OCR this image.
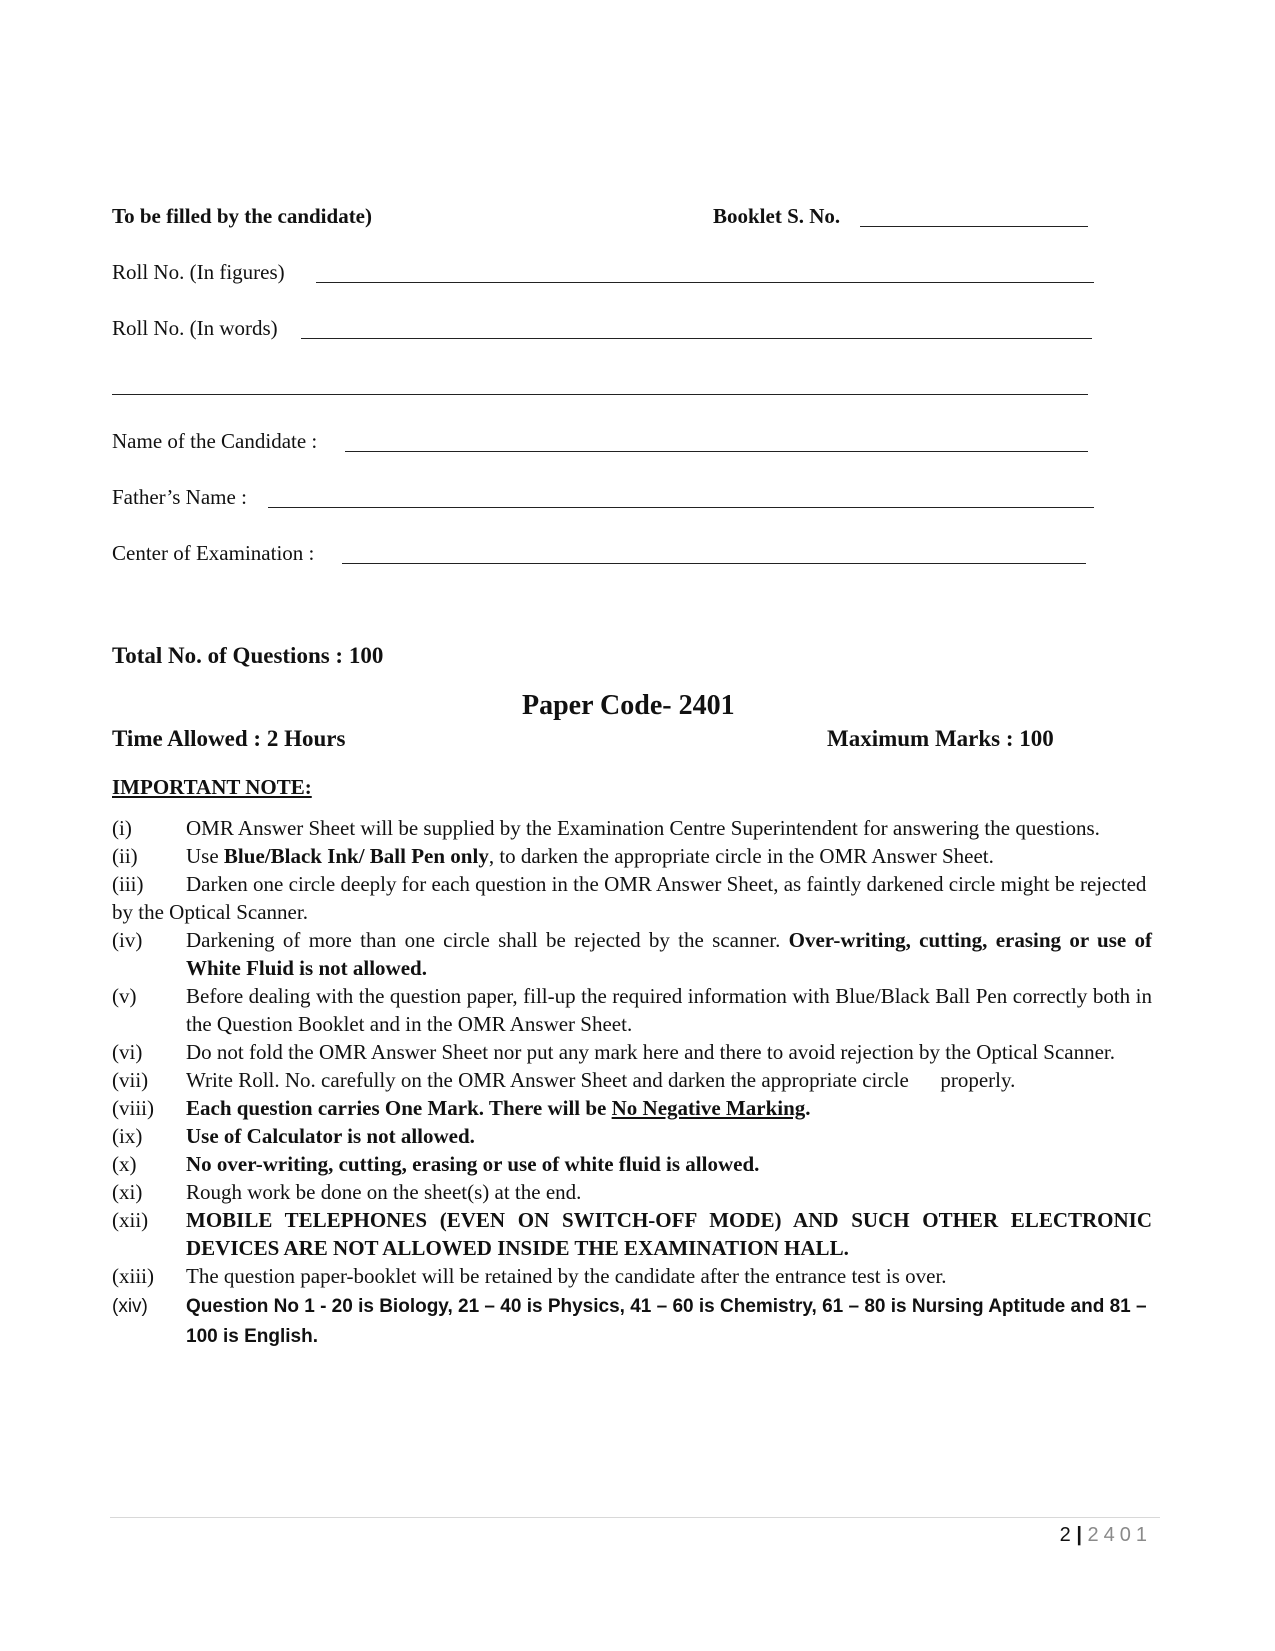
To be filled by the candidate)	Booklet S. No.
Roll No. (In figures)
Roll No. (In words)
Name of the Candidate :
Father’s Name :
Center of Examination :
Total No. of Questions : 100
Paper Code- 2401
Time Allowed : 2 Hours	Maximum Marks : 100
IMPORTANT NOTE:
(i)	OMR Answer Sheet will be supplied by the Examination Centre Superintendent for answering the questions.
(ii)	Use Blue/Black Ink/ Ball Pen only, to darken the appropriate circle in the OMR Answer Sheet.
(iii) Darken one circle deeply for each question in the OMR Answer Sheet, as faintly darkened circle might be rejected by the Optical Scanner.
(iv)	Darkening of more than one circle shall be rejected by the scanner. Over-writing, cutting, erasing or use of White Fluid is not allowed.
(v)	Before dealing with the question paper, fill-up the required information with Blue/Black Ball Pen correctly both in the Question Booklet and in the OMR Answer Sheet.
(vi)	Do not fold the OMR Answer Sheet nor put any mark here and there to avoid rejection by the Optical Scanner.
(vii)	Write Roll. No. carefully on the OMR Answer Sheet and darken the appropriate circle      properly.
(viii)	Each question carries One Mark. There will be No Negative Marking.
(ix)	Use of Calculator is not allowed.
(x)	No over-writing, cutting, erasing or use of white fluid is allowed.
(xi)	Rough work be done on the sheet(s) at the end.
(xii)	MOBILE TELEPHONES (EVEN ON SWITCH-OFF MODE) AND SUCH OTHER ELECTRONIC DEVICES ARE NOT ALLOWED INSIDE THE EXAMINATION HALL.
(xiii)	The question paper-booklet will be retained by the candidate after the entrance test is over.
(xiv)	Question No 1 - 20 is Biology, 21 – 40 is Physics, 41 – 60 is Chemistry, 61 – 80 is Nursing Aptitude and 81 – 100 is English.
2 | 2401
